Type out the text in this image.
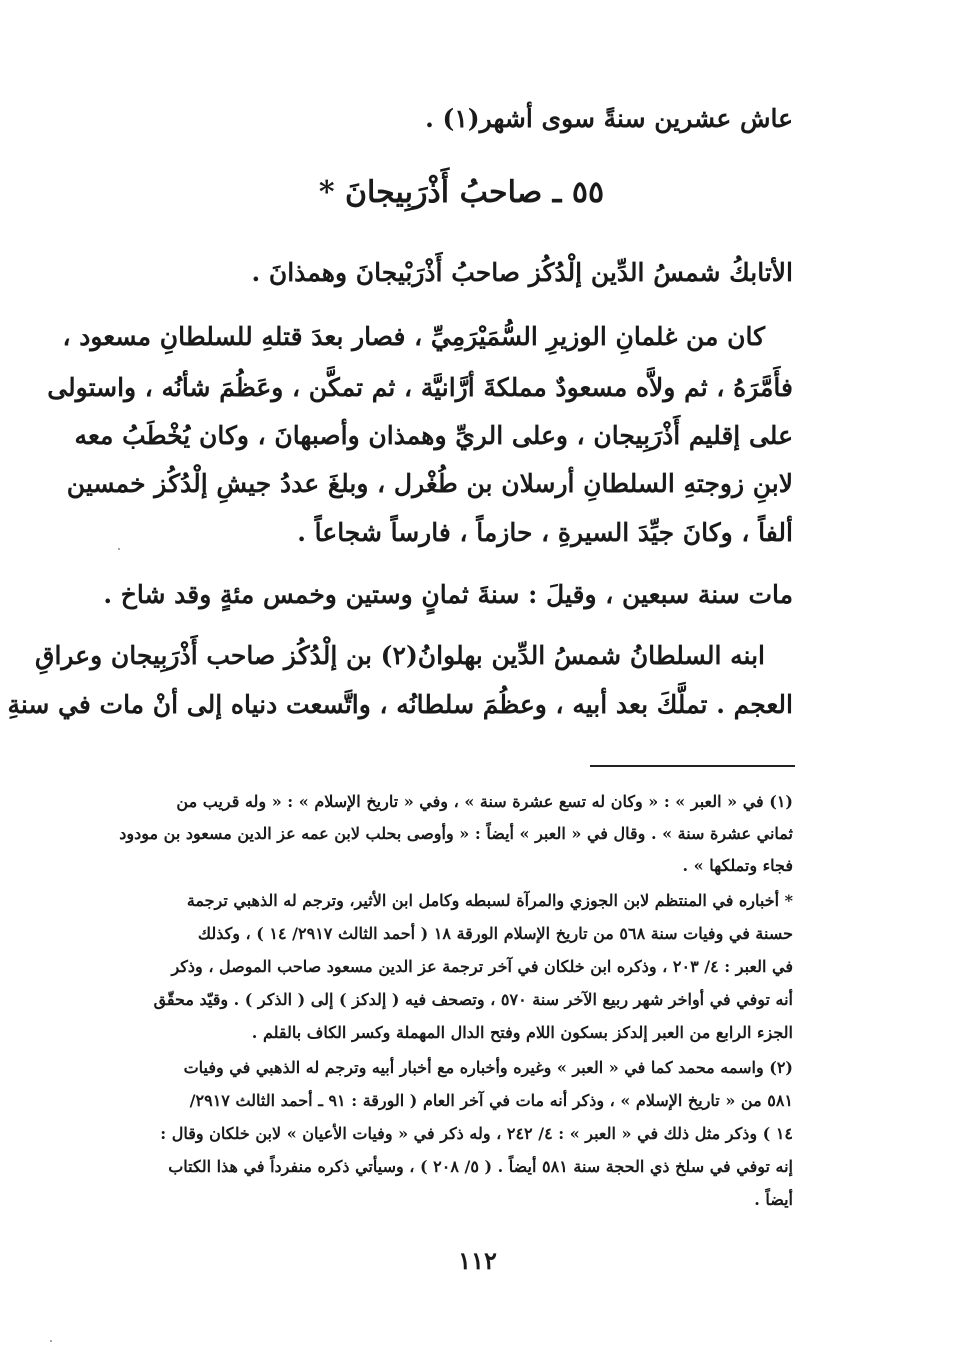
عاش عشرين سنةً سوى أشهر(١) .
٥٥ ـ صاحبُ أَذْرَبِيجانَ *
الأتابكُ شمسُ الدِّين إلْدُكُز صاحبُ أَذْرَبْيجانَ وهمذانَ .
كان من غلمانِ الوزيرِ السُّمَيْرَمِيِّ ، فصار بعدَ قتلهِ للسلطانِ مسعود ،
فأَمَّرَهُ ، ثم ولاَّه مسعودٌ مملكةَ أرَّانيَّة ، ثم تمكَّن ، وعَظُمَ شأنُه ، واستولى
على إقليم أَذْرَبِيجان ، وعلى الريِّ وهمذان وأصبهانَ ، وكان يُخْطَبُ معه
لابنِ زوجتهِ السلطانِ أرسلان بن طُغْرل ، وبلغَ عددُ جيشِ إلْدُكُز خمسين
ألفاً ، وكانَ جيِّدَ السيرةِ ، حازماً ، فارساً شجاعاً .
مات سنة سبعين ، وقيلَ : سنةَ ثمانٍ وستين وخمس مئةٍ وقد شاخ .
ابنه السلطانُ شمسُ الدِّين بهلوانُ(٢) بن إلْدُكُز صاحب أَذْرَبِيجان وعراقِ
العجم . تملَّكَ بعد أبيه ، وعظُمَ سلطانُه ، واتَّسعت دنياه إلى أنْ مات في سنةِ
(١) في « العبر » : « وكان له تسع عشرة سنة » ، وفي « تاريخ الإسلام » : « وله قريب من
ثماني عشرة سنة » . وقال في « العبر » أيضاً : « وأوصى بحلب لابن عمه عز الدين مسعود بن مودود
فجاء وتملكها » .
* أخباره في المنتظم لابن الجوزي والمرآة لسبطه وكامل ابن الأثير، وترجم له الذهبي ترجمة
حسنة في وفيات سنة ٥٦٨ من تاريخ الإسلام الورقة ١٨ ( أحمد الثالث ٢٩١٧/ ١٤ ) ، وكذلك
في العبر : ٤/ ٢٠٣ ، وذكره ابن خلكان في آخر ترجمة عز الدين مسعود صاحب الموصل ، وذكر
أنه توفي في أواخر شهر ربيع الآخر سنة ٥٧٠ ، وتصحف فيه ( إلدكز ) إلى ( الذكر ) . وقيّد محقّق
الجزء الرابع من العبر إلدكز بسكون اللام وفتح الدال المهملة وكسر الكاف بالقلم .
(٢) واسمه محمد كما في « العبر » وغيره وأخباره مع أخبار أبيه وترجم له الذهبي في وفيات
٥٨١ من « تاريخ الإسلام » ، وذكر أنه مات في آخر العام ( الورقة : ٩١ ـ أحمد الثالث ٢٩١٧/
١٤ ) وذكر مثل ذلك في « العبر » : ٤/ ٢٤٢ ، وله ذكر في « وفيات الأعيان » لابن خلكان وقال :
إنه توفي في سلخ ذي الحجة سنة ٥٨١ أيضاً . ( ٥/ ٢٠٨ ) ، وسيأتي ذكره منفرداً في هذا الكتاب
أيضاً .
١١٢
